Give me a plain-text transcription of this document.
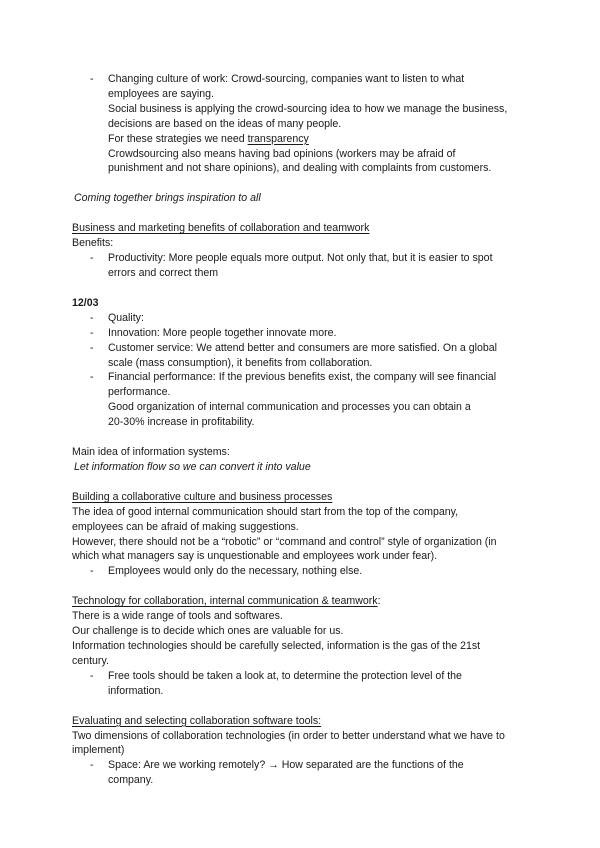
- Changing culture of work: Crowd-sourcing, companies want to listen to what
employees are saying.
Social business is applying the crowd-sourcing idea to how we manage the business,
decisions are based on the ideas of many people.
For these strategies we need transparency
Crowdsourcing also means having bad opinions (workers may be afraid of
punishment and not share opinions), and dealing with complaints from customers.
Coming together brings inspiration to all
Business and marketing benefits of collaboration and teamwork
Benefits:
- Productivity: More people equals more output. Not only that, but it is easier to spot
errors and correct them
12/03
- Quality:
- Innovation: More people together innovate more.
- Customer service: We attend better and consumers are more satisfied. On a global
scale (mass consumption), it benefits from collaboration.
- Financial performance: If the previous benefits exist, the company will see financial
performance.
Good organization of internal communication and processes you can obtain a
20-30% increase in profitability.
Main idea of information systems:
Let information flow so we can convert it into value
Building a collaborative culture and business processes
The idea of good internal communication should start from the top of the company,
employees can be afraid of making suggestions.
However, there should not be a “robotic” or “command and control” style of organization (in
which what managers say is unquestionable and employees work under fear).
- Employees would only do the necessary, nothing else.
Technology for collaboration, internal communication & teamwork:
There is a wide range of tools and softwares.
Our challenge is to decide which ones are valuable for us.
Information technologies should be carefully selected, information is the gas of the 21st
century.
- Free tools should be taken a look at, to determine the protection level of the
information.
Evaluating and selecting collaboration software tools:
Two dimensions of collaboration technologies (in order to better understand what we have to
implement)
- Space: Are we working remotely? → How separated are the functions of the
company.
